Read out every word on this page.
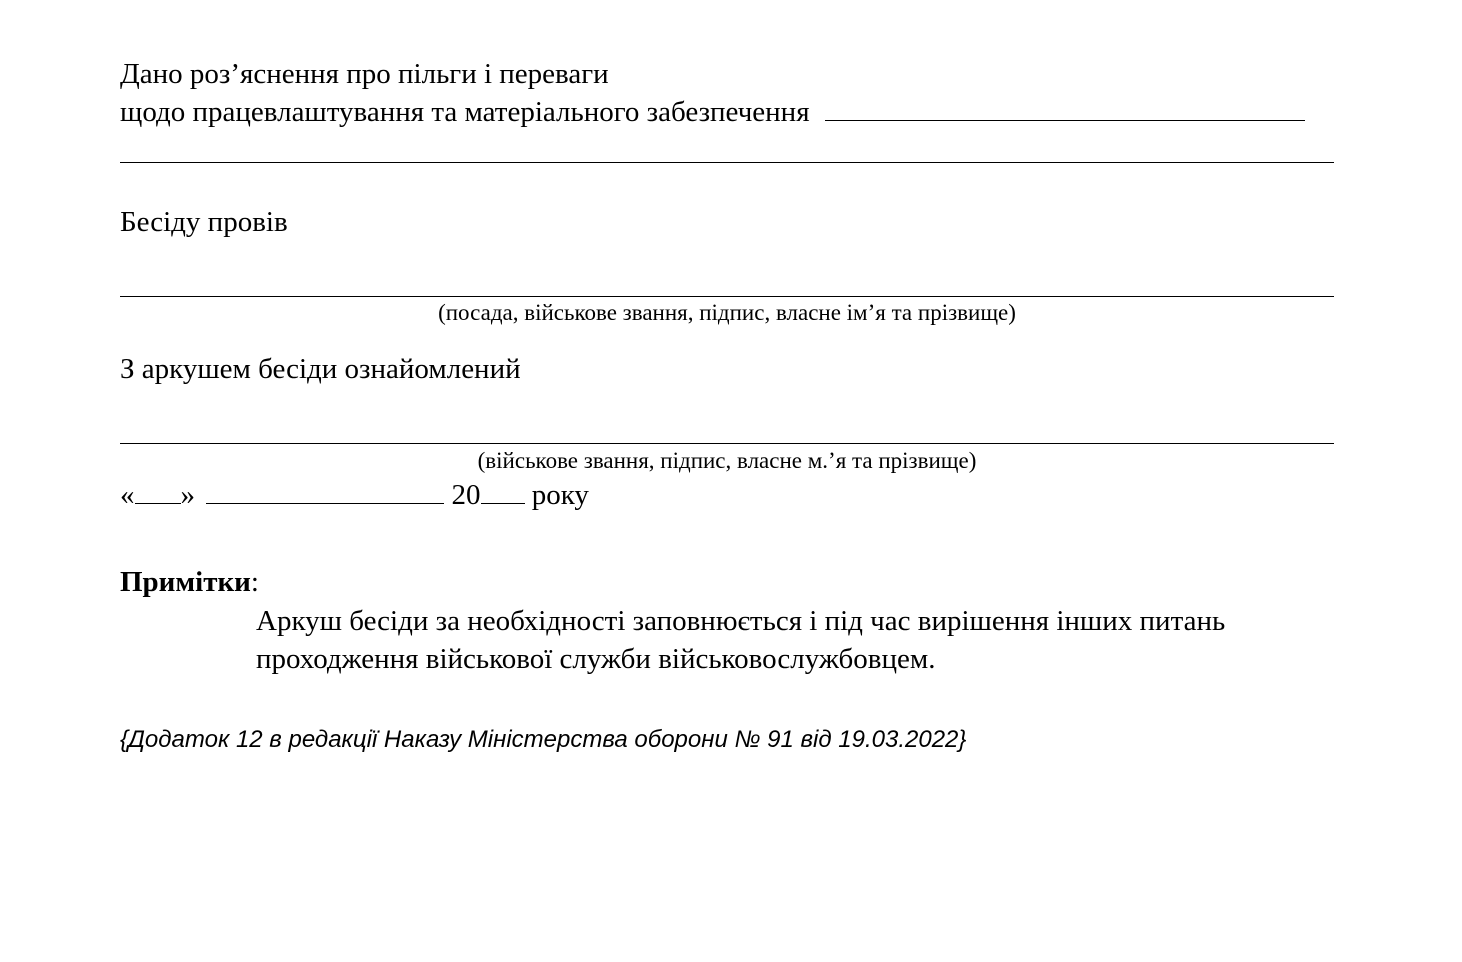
Дано роз’яснення про пільги і переваги
щодо працевлаштування та матеріального забезпечення
Бесіду провів
(посада, військове звання, підпис, власне ім’я та прізвище)
З аркушем бесіди ознайомлений
(військове звання, підпис, власне м.’я та прізвище)
« »	20 року
Примітки:
Аркуш бесіди за необхідності заповнюється і під час вирішення інших питань
проходження військової служби військовослужбовцем.
{Додаток 12 в редакції Наказу Міністерства оборони № 91 від 19.03.2022}
